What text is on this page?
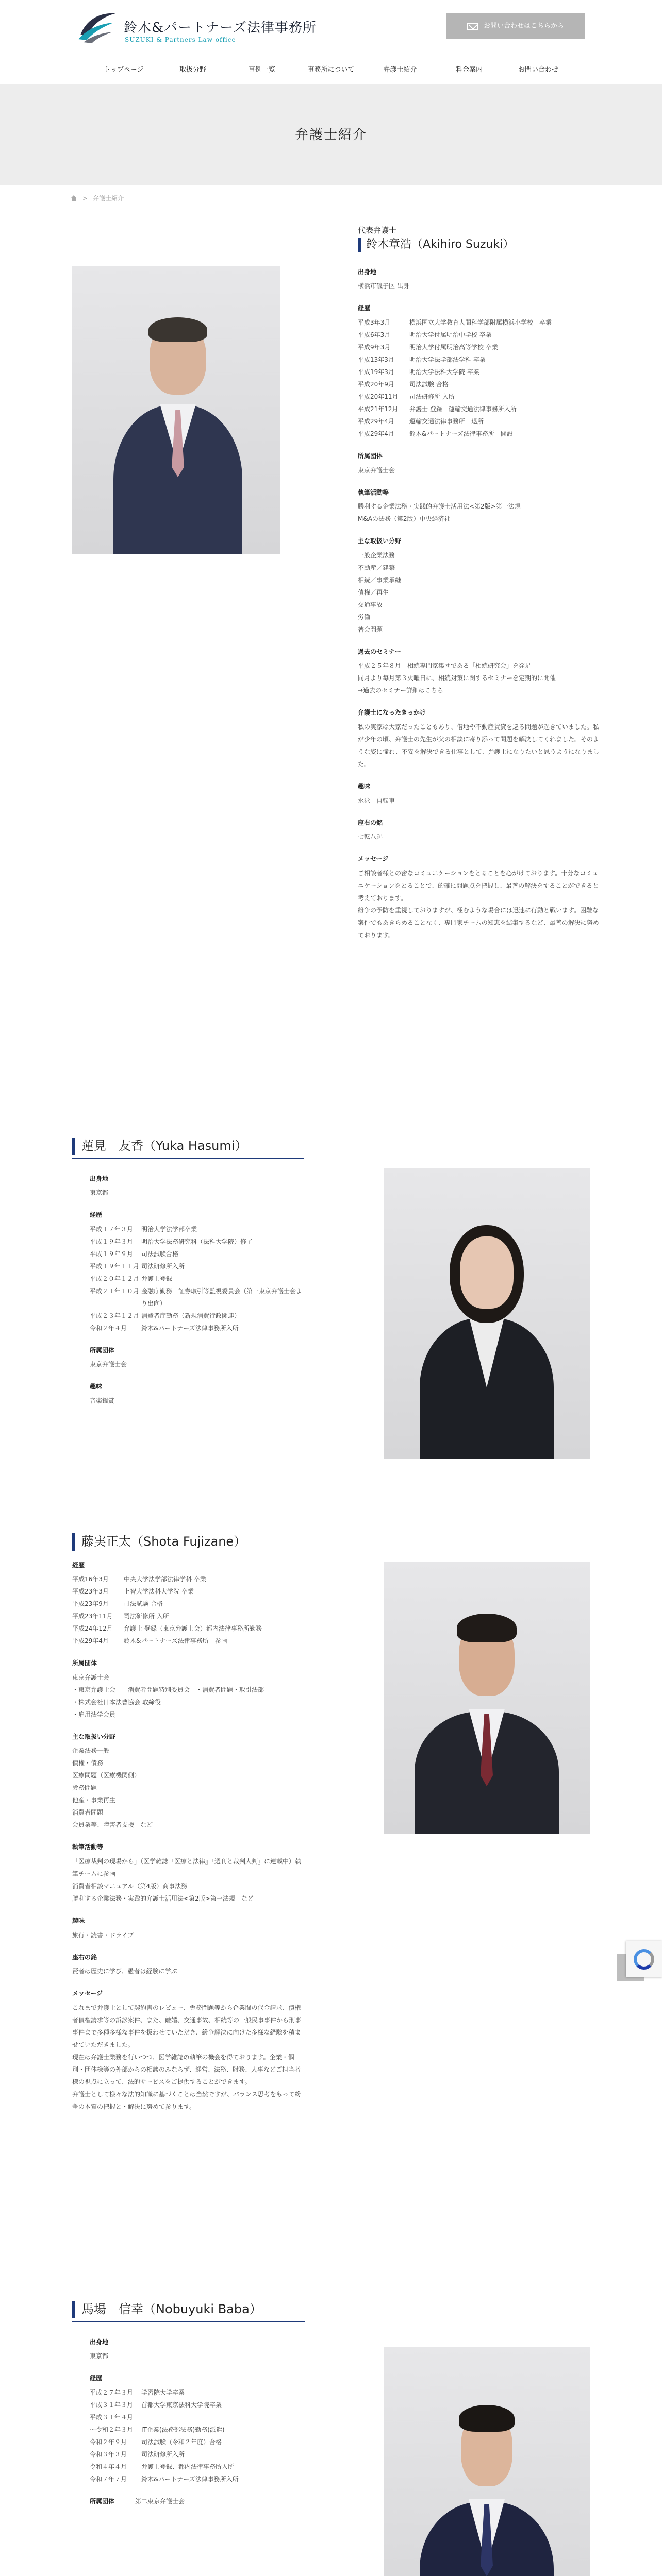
鈴木&パートナーズ法律事務所
SUZUKI & Partners Law office
お問い合わせはこちらから
トップページ	取扱分野	事例一覧	事務所について	弁護士紹介	料金案内	お問い合わせ
弁護士紹介
> 弁護士紹介
代表弁護士
鈴木章浩（Akihiro Suzuki）
出身地
横浜市磯子区 出身
経歴
平成3年3月	横浜国立大学教育人間科学部附属横浜小学校　卒業
平成6年3月	明治大学付属明治中学校 卒業
平成9年3月	明治大学付属明治高等学校 卒業
平成13年3月	明治大学法学部法学科 卒業
平成19年3月	明治大学法科大学院 卒業
平成20年9月	司法試験 合格
平成20年11月	司法研修所 入所
平成21年12月	弁護士 登録　運輸交通法律事務所入所
平成29年4月	運輸交通法律事務所　退所
平成29年4月	鈴木&パートナーズ法律事務所　開設
所属団体
東京弁護士会
執筆活動等
勝利する企業法務・実践的弁護士活用法<第2版>第一法規
M&Aの法務（第2版）中央経済社
主な取扱い分野
一般企業法務
不動産／建築
相続／事業承継
債権／再生
交通事故
労働
著会問題
過去のセミナー
平成２５年８月　相続専門家集団である「相続研究会」を発足
同月より毎月第３火曜日に、相続対策に関するセミナーを定期的に開催
→過去のセミナー詳細はこちら
弁護士になったきっかけ
私の実家は大家だったこともあり、借地や不動産賃貸を巡る問題が起きていました。私が少年の頃、弁護士の先生が父の相談に寄り添って問題を解決してくれました。そのような姿に憧れ、不安を解決できる仕事として、弁護士になりたいと思うようになりました。
趣味
水泳　自転車
座右の銘
七転八起
メッセージ
ご相談者様との密なコミュニケーションをとることを心がけております。十分なコミュニケーションをとることで、的確に問題点を把握し、最善の解決をすることができると考えております。
紛争の予防を重視しておりますが、極むような場合には迅速に行動と戦います。困難な案件でもあきらめることなく、専門家チームの知恵を結集するなど、最善の解決に努めております。
蓮見　友香（Yuka Hasumi）
出身地
東京都
経歴
平成１７年３月	明治大学法学部卒業
平成１９年３月	明治大学法務研究科（法科大学院）修了
平成１９年９月	司法試験合格
平成１９年１１月 司法研修所入所
平成２０年１２月 弁護士登録
平成２１年１０月 金融庁勤務　証券取引等監視委員会（第一東京弁護士会より出向）
平成２３年１２月 消費者庁勤務（新規消費行政関連）
令和２年４月	鈴木&パートナーズ法律事務所入所
所属団体
東京弁護士会
趣味
音楽鑑賞
藤実正太（Shota Fujizane）
経歴
平成16年3月	中央大学法学部法律学科 卒業
平成23年3月	上智大学法科大学院 卒業
平成23年9月	司法試験 合格
平成23年11月	司法研修所 入所
平成24年12月	弁護士 登録（東京弁護士会）都内法律事務所勤務
平成29年4月	鈴木&パートナーズ法律事務所　参画
所属団体
東京弁護士会
・東京弁護士会　　消費者問題特別委員会　・消費者問題・取引法部
・株式会社日本法曹協会 取締役
・雇用法学会員
主な取扱い分野
企業法務一般
債権・債務
医療問題（医療機関側）
労務問題
他産・事業再生
消費者問題
会員業等、障害者支援　など
執筆活動等
「医療裁判の現場から」（医学雑誌『医療と法律』『週刊と裁判人判』に連載中）執筆チームに参画
消費者相談マニュアル（第4版）商事法務
勝利する企業法務・実践的弁護士活用法<第2版>第一法規　など
趣味
旅行・読書・ドライブ
座右の銘
賢者は歴史に学び、愚者は経験に学ぶ
メッセージ
これまで弁護士として契約書のレビュー、労務問題等から企業間の代金請求、債権者債権請求等の訴訟案件、また、離婚、交通事故、相続等の一般民事事件から刑事事件まで多種多様な事件を扱わせていただき、紛争解決に向けた多様な経験を積ませていただきました。
現在は弁護士業務を行いつつ、医学雑誌の執筆の機会を得ております。企業・個別・団体様等の外部からの相談のみならず、経営、法務、財務、人事などご担当者様の視点に立って、法的サービスをご提供することができます。
弁護士として様々な法的知識に基づくことは当然ですが、バランス思考をもって紛争の本質の把握と・解決に努めて参ります。
馬場　信幸（Nobuyuki Baba）
出身地
東京都
経歴
平成２７年３月	学習院大学卒業
平成３１年３月	首都大学東京法科大学院卒業
平成３１年４月
〜令和２年３月	IT企業(法務部法務)勤務(派遣)
令和２年９月	司法試験（令和２年度）合格
令和３年３月	司法研修所入所
令和４年４月	弁護士登録、都内法律事務所入所
令和７年７月	鈴木&パートナーズ法律事務所入所
所属団体	第二東京弁護士会
